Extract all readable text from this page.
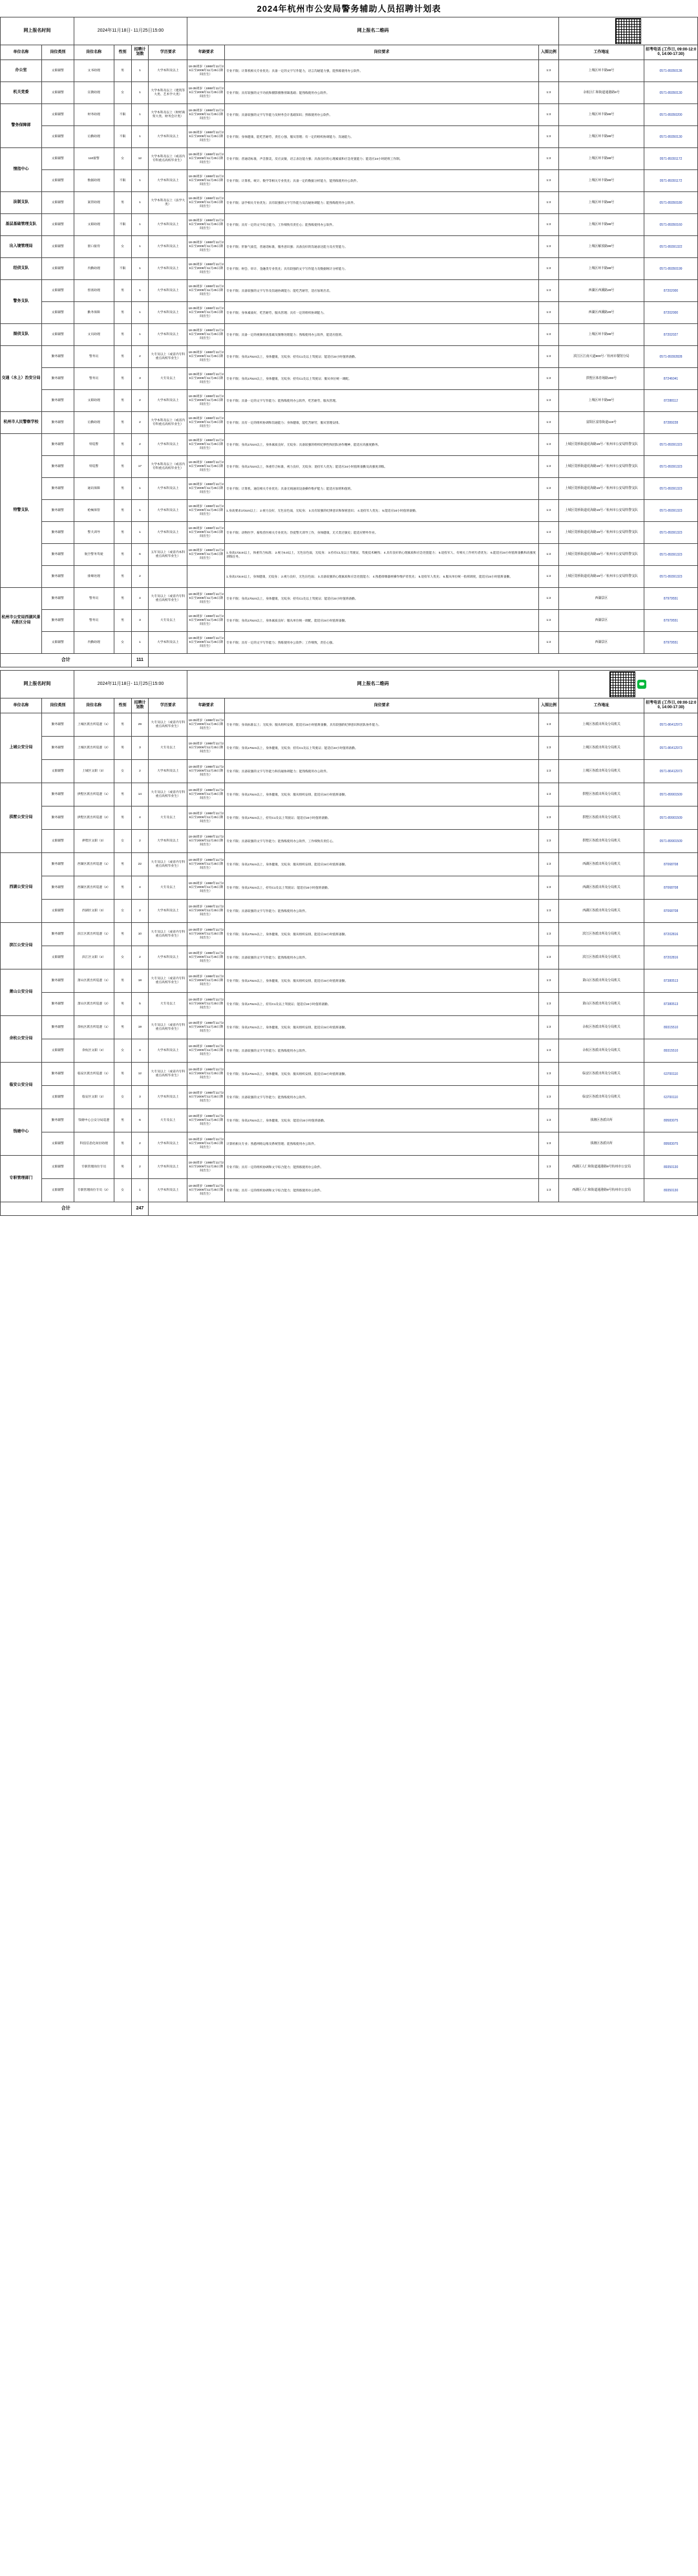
2024年杭州市公安局警务辅助人员招聘计划表										
网上报名时间		2024年11月18日- 11月25日15:00				网上报名二维码				

单位名称	岗位类别	岗位名称	性别	招聘计划数	学历要求	年龄要求	岗位要求	入围比例	工作地址	招考电话 (工作日, 09:00-12:00, 14:00-17:30)
办公室	文职辅警	文书助理	男	1	大学本科及以上	18-35周岁（1988年11月26日至2006年11月25日期间出生）	专业不限；计算机相关专业优先；具备一定的文字写作能力，语言沟通能力强，能熟练使用办公软件。	1:3	上城区环丰路88号	0571-89350136
机关党委	文职辅警	宣教助理	女	1	大学本科及以上（建筑等大类、艺术学大类）	18-35周岁（1988年11月26日至2006年11月25日期间出生）	专业不限；具有较强的文字功底和摄影摄像剪辑基础；能熟练使用办公软件。	1:3	余杭区仁和街道通港路9号	0571-89350130
警务保障部	文职辅警	财务助理	不限	1	大学本科及以上（财经商贸大类、财务会计类）	18-35周岁（1988年11月26日至2006年11月25日期间出生）	专业不限；具备较强的文字写作能力及财务会计基础知识；熟练使用办公软件。	1:3	上城区环丰路88号	0571-89350200
	文职辅警	后勤助理	不限	1	大学本科及以上	18-35周岁（1988年11月26日至2006年11月25日期间出生）	专业不限；身体健康，能吃苦耐劳，责任心强，服从管理；有一定的组织协调能力、沟通能力。	1:3	上城区环丰路88号	0571-89350130
情指中心	文职辅警	110接警	女	12	大学本科及以上（或省内专科重点高校毕业生）	18-35周岁（1988年11月26日至2006年11月25日期间出生）	专业不限；普通话标准，声音甜美，反应灵敏，语言表达能力强；具备良好的心理素质和应急处置能力；能适应24小时轮班工作制。	1:3	上城区环丰路88号	0571-89391172
	文职辅警	数据助理	不限	1	大学本科及以上	18-35周岁（1988年11月26日至2006年11月25日期间出生）	专业不限；计算机、统计、数学等相关专业优先；具备一定的数据分析能力，能熟练使用办公软件。	1:3	上城区环丰路88号	0571-89391172
法制支队	文职辅警	案管助理	男	1	大学本科及以上（法学大类）	18-35周岁（1988年11月26日至2006年11月25日期间出生）	专业不限；法学相关专业优先；具有较强的文字写作能力及沟通协调能力；能熟练使用办公软件。	1:3	上城区环丰路88号	0571-89350180
基层基础管理支队	文职辅警	文职助理	不限	1	大学本科及以上	18-35周岁（1988年11月26日至2006年11月25日期间出生）	专业不限；具有一定的文字综合能力，工作细致有责任心；能熟练使用办公软件。	1:3	上城区环丰路88号	0571-89350160
出入境管理局	文职辅警	窗口接待	女	1	大学本科及以上	18-35周岁（1988年11月26日至2006年11月25日期间出生）	专业不限；形象气质佳，普通话标准，服务意识强；具备良好的沟通表达能力及应变能力。	1:3	上城区解放路99号	0571-89391322
经侦支队	文职辅警	内勤助理	不限	1	大学本科及以上	18-35周岁（1988年11月26日至2006年11月25日期间出生）	专业不限；财会、审计、金融类专业优先；具有较强的文字写作能力及数据统计分析能力。	1:3	上城区环丰路88号	0571-89350199
警务支队	文职辅警	督查助理	男	1	大学本科及以上	18-35周岁（1988年11月26日至2006年11月25日期间出生）	专业不限；具备较强的文字写作及沟通协调能力；能吃苦耐劳，适应加班出差。	1:3	西湖区西溪路28号	87202000
	文职辅警	勤务保障	男	1	大学本科及以上	18-35周岁（1988年11月26日至2006年11月25日期间出生）	专业不限；身体素质好，吃苦耐劳，服从管理；具有一定的组织协调能力。	1:3	西湖区西溪路28号	87202000
图侦支队	文职辅警	文员助理	男	1	大学本科及以上	18-35周岁（1988年11月26日至2006年11月25日期间出生）	专业不限；具备一定的视频侦查基础及图像处理能力；熟练使用办公软件，能适应值班。	1:3	上城区环丰路88号	87202027
交通（水上）治安分局	勤务辅警	警务员	男	2	大专及以上（或省内专科重点高校毕业生）	18-35周岁（1988年11月26日至2006年11月25日期间出生）	专业不限；身高170cm以上，身体健康，无纹身；持有C1及以上驾驶证；能适应24小时值班备勤。	1:3	滨江区江南大道800号／杭州市餐馆分局	0571-89392828
	勤务辅警	警务员	男	3	大专及以上	18-35周岁（1988年11月26日至2006年11月25日期间出生）	专业不限；身高170cm以上，身体健康，无纹身；持有C1及以上驾驶证；服从单位统一调配。	1:3	拱墅区体育场路200号	87246041
	勤务辅警	文职助理	男	2	大学本科及以上	18-35周岁（1988年11月26日至2006年11月25日期间出生）	专业不限；具备一定的文字写作能力；能熟练使用办公软件，吃苦耐劳，服从管理。	1:3	上城区环丰路88号	87288112
杭州市人民警察学校	勤务辅警	后勤助理	男	2	大学本科及以上（或省内专科重点高校毕业生）	18-35周岁（1988年11月26日至2006年11月25日期间出生）	专业不限；具有一定的组织协调和沟通能力；身体健康，能吃苦耐劳，服从管理安排。	1:3	富阳区富春街道119号	87289228
特警支队	勤务辅警	特巡警	男	2	大学本科及以上	18-35周岁（1988年11月26日至2006年11月25日期间出生）	专业不限；身高172cm以上，身体素质良好，无纹身；具备较强的组织纪律性和团队协作精神，能适应高强度勤务。	1:3	上城区笕桥街道花海路15号／杭州市公安局特警支队	0571-89391323
	勤务辅警	特巡警	男	17	大学本科及以上（或省内专科重点高校毕业生）	18-35周岁（1988年11月26日至2006年11月25日期间出生）	专业不限；身高172cm以上，体重符合标准，视力良好，无纹身；退役军人优先；能适应24小时值班备勤及高强度训练。	1:3	上城区笕桥街道花海路15号／杭州市公安局特警支队	0571-89391323
	勤务辅警	通讯保障	男	1	大学本科及以上	18-35周岁（1988年11月26日至2006年11月25日期间出生）	专业不限；计算机、通信相关专业优先；具备无线通讯设备操作维护能力；能适应加班和值班。	1:3	上城区笕桥街道花海路15号／杭州市公安局特警支队	0571-89391323
	勤务辅警	枪械保管	男	1	大学本科及以上	18-35周岁（1988年11月26日至2006年11月25日期间出生）	1.身高要求172cm以上； 2.视力良好，无色盲色弱，无纹身； 3.具有较强的纪律意识和保密意识； 4.退役军人优先； 5.能适应24小时值班备勤。	1:3	上城区笕桥街道花海路15号／杭州市公安局特警支队	0571-89391323
	勤务辅警	警犬训导	男	1	大学本科及以上	18-35周岁（1988年11月26日至2006年11月25日期间出生）	专业不限；动物医学、畜牧兽医相关专业优先；热爱警犬训导工作，身体健康，无犬类过敏史；能适应野外作业。	1:3	上城区笕桥街道花海路15号／杭州市公安局特警支队	0571-89391323
	勤务辅警	航空警务驾驶	男	6	五年及以上（或省内本科重点高校毕业生）	18-35周岁（1988年11月26日至2006年11月25日期间出生）	1.身高172cm以上，体重符合标准； 2.视力5.0以上，无色盲色弱，无纹身； 3.持有C1及以上驾驶证，驾驶技术娴熟； 4.具有良好的心理素质和应急处置能力； 5.退役军人、有相关工作经历者优先； 6.能适应24小时值班备勤和高强度训练任务。	1:3	上城区笕桥街道花海路15号／杭州市公安局特警支队	0571-89391323
	勤务辅警	排爆处理	男	2			1.身高172cm以上，身体健康，无纹身； 2.视力良好，无色盲色弱； 3.具备较强的心理素质和应急处置能力； 4.熟悉排爆器材操作维护者优先； 5.退役军人优先； 6.服从单位统一指挥调度，能适应24小时值班备勤。	1:3	上城区笕桥街道花海路15号／杭州市公安局特警支队	0571-89391323
杭州市公安局西湖风景名胜区分局	勤务辅警	警务员	男	4	大专及以上（或省内专科重点高校毕业生）	18-35周岁（1988年11月26日至2006年11月25日期间出生）	专业不限；身高170cm以上，身体健康，无纹身；持有C1及以上驾驶证；能适应24小时值班备勤。	1:3	西湖景区	87979551
	勤务辅警	警务员	男	3	大专及以上	18-35周岁（1988年11月26日至2006年11月25日期间出生）	专业不限；身高170cm以上，身体素质良好；服从单位统一调配，能适应24小时值班备勤。	1:3	西湖景区	87979551
	文职辅警	内勤助理	女	1	大学本科及以上	18-35周岁（1988年11月26日至2006年11月25日期间出生）	专业不限；具有一定的文字写作能力；熟练使用办公软件；工作细致，责任心强。	1:3	西湖景区	87979551
合计				111						
网上报名时间		2024年11月18日- 11月25日15:00				网上报名二维码				

单位名称	岗位类别	岗位名称	性别	招聘计划数	学历要求	年龄要求	岗位要求	入围比例	工作地址	招考电话 (工作日, 09:00-12:00, 14:00-17:30)
上城公安分局	勤务辅警	上城区派出所巡逻（1）	男	29	大专及以上（或省内专科重点高校毕业生）	18-35周岁（1988年11月26日至2006年11月25日期间出生）	专业不限；身高标准以上；无纹身；服从组织安排，能适应24小时值班备勤，具有较强的纪律意识和团队协作能力。	1:3	上城区各派出所及分局机关	0571-86412973
	勤务辅警	上城区派出所巡逻（2）	男	3	大专及以上	18-35周岁（1988年11月26日至2006年11月25日期间出生）	专业不限；身高170cm以上，身体健康，无纹身；持有C1及以上驾驶证；能适应24小时值班备勤。	1:3	上城区各派出所及分局机关	0571-86412973
	文职辅警	上城区文职（3）	女	2	大学本科及以上	18-35周岁（1988年11月26日至2006年11月25日期间出生）	专业不限；具备较强的文字写作能力和沟通协调能力；能熟练使用办公软件。	1:3	上城区各派出所及分局机关	0571-86412973
拱墅公安分局	勤务辅警	拱墅区派出所巡逻（1）	男	14	大专及以上（或省内专科重点高校毕业生）	18-35周岁（1988年11月26日至2006年11月25日期间出生）	专业不限；身高170cm以上，身体健康，无纹身；服从组织安排，能适应24小时值班备勤。	1:3	拱墅区各派出所及分局机关	0571-89901509
	勤务辅警	拱墅区派出所巡逻（2）	男	4	大专及以上	18-35周岁（1988年11月26日至2006年11月25日期间出生）	专业不限；身高170cm以上，持有C1及以上驾驶证；能适应24小时值班备勤。	1:3	拱墅区各派出所及分局机关	0571-89901509
	文职辅警	拱墅区文职（3）	女	2	大学本科及以上	18-35周岁（1988年11月26日至2006年11月25日期间出生）	专业不限；具备较强的文字写作能力；能熟练使用办公软件，工作细致有责任心。	1:3	拱墅区各派出所及分局机关	0571-89901509
西湖公安分局	勤务辅警	西湖区派出所巡逻（1）	男	22	大专及以上（或省内专科重点高校毕业生）	18-35周岁（1988年11月26日至2006年11月25日期间出生）	专业不限；身高170cm以上，身体健康，无纹身；服从组织安排，能适应24小时值班备勤。	1:3	西湖区各派出所及分局机关	87068708
	勤务辅警	西湖区派出所巡逻（2）	男	4	大专及以上	18-35周岁（1988年11月26日至2006年11月25日期间出生）	专业不限；身高170cm以上，持有C1及以上驾驶证；能适应24小时值班备勤。	1:3	西湖区各派出所及分局机关	87068708
	文职辅警	西湖区文职（3）	女	2	大学本科及以上	18-35周岁（1988年11月26日至2006年11月25日期间出生）	专业不限；具备较强的文字写作能力；能熟练使用办公软件。	1:3	西湖区各派出所及分局机关	87068708
滨江公安分局	勤务辅警	滨江区派出所巡逻（1）	男	10	大专及以上（或省内专科重点高校毕业生）	18-35周岁（1988年11月26日至2006年11月25日期间出生）	专业不限；身高170cm以上，身体健康，无纹身；服从组织安排，能适应24小时值班备勤。	1:3	滨江区各派出所及分局机关	87202816
	文职辅警	滨江区文职（2）	女	2	大学本科及以上	18-35周岁（1988年11月26日至2006年11月25日期间出生）	专业不限；具备较强的文字写作能力；能熟练使用办公软件。	1:3	滨江区各派出所及分局机关	87202816
萧山公安分局	勤务辅警	萧山区派出所巡逻（1）	男	18	大专及以上（或省内专科重点高校毕业生）	18-35周岁（1988年11月26日至2006年11月25日期间出生）	专业不限；身高170cm以上，身体健康，无纹身；服从组织安排，能适应24小时值班备勤。	1:3	萧山区各派出所及分局机关	87380513
	勤务辅警	萧山区派出所巡逻（2）	男	5	大专及以上	18-35周岁（1988年11月26日至2006年11月25日期间出生）	专业不限；身高170cm以上，持有C1及以上驾驶证；能适应24小时值班备勤。	1:3	萧山区各派出所及分局机关	87380513
余杭公安分局	勤务辅警	余杭区派出所巡逻（1）	男	19	大专及以上（或省内专科重点高校毕业生）	18-35周岁（1988年11月26日至2006年11月25日期间出生）	专业不限；身高170cm以上，身体健康，无纹身；服从组织安排，能适应24小时值班备勤。	1:3	余杭区各派出所及分局机关	89315510
	文职辅警	余杭区文职（2）	女	4	大学本科及以上	18-35周岁（1988年11月26日至2006年11月25日期间出生）	专业不限；具备较强的文字写作能力；能熟练使用办公软件。	1:3	余杭区各派出所及分局机关	89315510
临安公安分局	勤务辅警	临安区派出所巡逻（1）	男	12	大专及以上（或省内专科重点高校毕业生）	18-35周岁（1988年11月26日至2006年11月25日期间出生）	专业不限；身高170cm以上，身体健康，无纹身；服从组织安排，能适应24小时值班备勤。	1:3	临安区各派出所及分局机关	63700110
	文职辅警	临安区文职（2）	女	3	大学本科及以上	18-35周岁（1988年11月26日至2006年11月25日期间出生）	专业不限；具备较强的文字写作能力；能熟练使用办公软件。	1:3	临安区各派出所及分局机关	63700110
钱塘中心	勤务辅警	钱塘中心公安分局巡逻	男	6	大专及以上	18-35周岁（1988年11月26日至2006年11月25日期间出生）	专业不限；身高170cm以上，身体健康，无纹身；能适应24小时值班备勤。	1:3	钱塘区各派出所	89583075
	文职辅警	科技信息化岗位助理	男	2	大学本科及以上	18-35周岁（1988年11月26日至2006年11月25日期间出生）	计算机相关专业；熟悉网络运维及系统管理；能熟练使用办公软件。	1:3	钱塘区各派出所	89583075
专职管理部门	文职辅警	专职管理岗位专员	男	2	大学本科及以上	18-35周岁（1988年11月26日至2006年11月25日期间出生）	专业不限；具有一定的组织协调和文字综合能力；能熟练使用办公软件。	1:3	西湖区人仁和街道通港路9号杭州市公安局	89350130
	文职辅警	专职管理岗位专员（2）	女	1	大学本科及以上	18-35周岁（1988年11月26日至2006年11月25日期间出生）	专业不限；具有一定的组织协调和文字综合能力；能熟练使用办公软件。	1:3	西湖区人仁和街道通港路9号杭州市公安局	89350130
合计				247						
